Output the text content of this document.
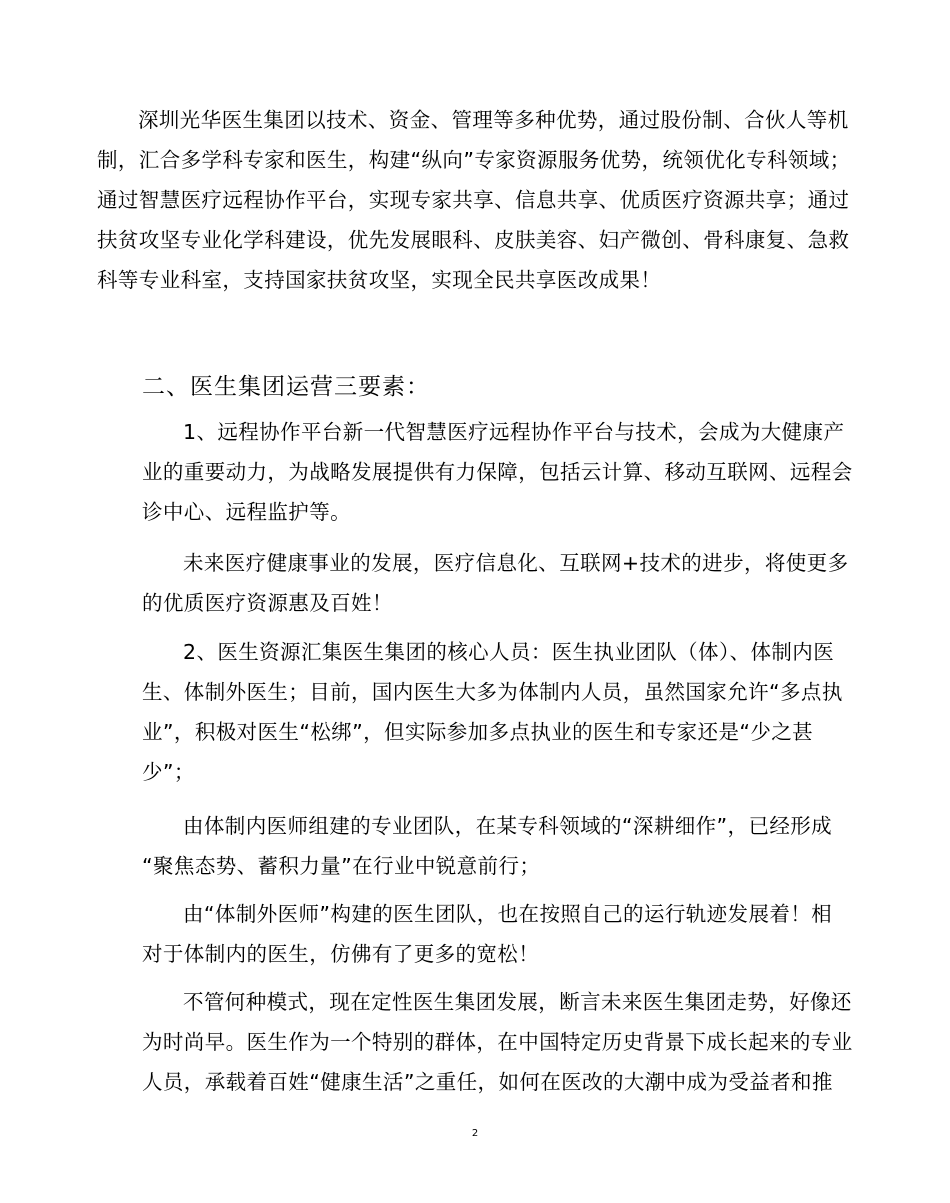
深圳光华医生集团以技术、资金、管理等多种优势，通过股份制、合伙人等机
制，汇合多学科专家和医生，构建“纵向”专家资源服务优势，统领优化专科领域；
通过智慧医疗远程协作平台，实现专家共享、信息共享、优质医疗资源共享；通过
扶贫攻坚专业化学科建设，优先发展眼科、皮肤美容、妇产微创、骨科康复、急救
科等专业科室，支持国家扶贫攻坚，实现全民共享医改成果！
二、医生集团运营三要素：
1、远程协作平台新一代智慧医疗远程协作平台与技术，会成为大健康产
业的重要动力，为战略发展提供有力保障，包括云计算、移动互联网、远程会
诊中心、远程监护等。
未来医疗健康事业的发展，医疗信息化、互联网+技术的进步，将使更多
的优质医疗资源惠及百姓！
2、医生资源汇集医生集团的核心人员：医生执业团队（体）、体制内医
生、体制外医生；目前，国内医生大多为体制内人员，虽然国家允许“多点执
业”，积极对医生“松绑”，但实际参加多点执业的医生和专家还是“少之甚
少”；
由体制内医师组建的专业团队，在某专科领域的“深耕细作”，已经形成
“聚焦态势、蓄积力量”在行业中锐意前行；
由“体制外医师”构建的医生团队，也在按照自己的运行轨迹发展着！相
对于体制内的医生，仿佛有了更多的宽松！
不管何种模式，现在定性医生集团发展，断言未来医生集团走势，好像还
为时尚早。医生作为一个特别的群体，在中国特定历史背景下成长起来的专业
人员，承载着百姓“健康生活”之重任，如何在医改的大潮中成为受益者和推
2
